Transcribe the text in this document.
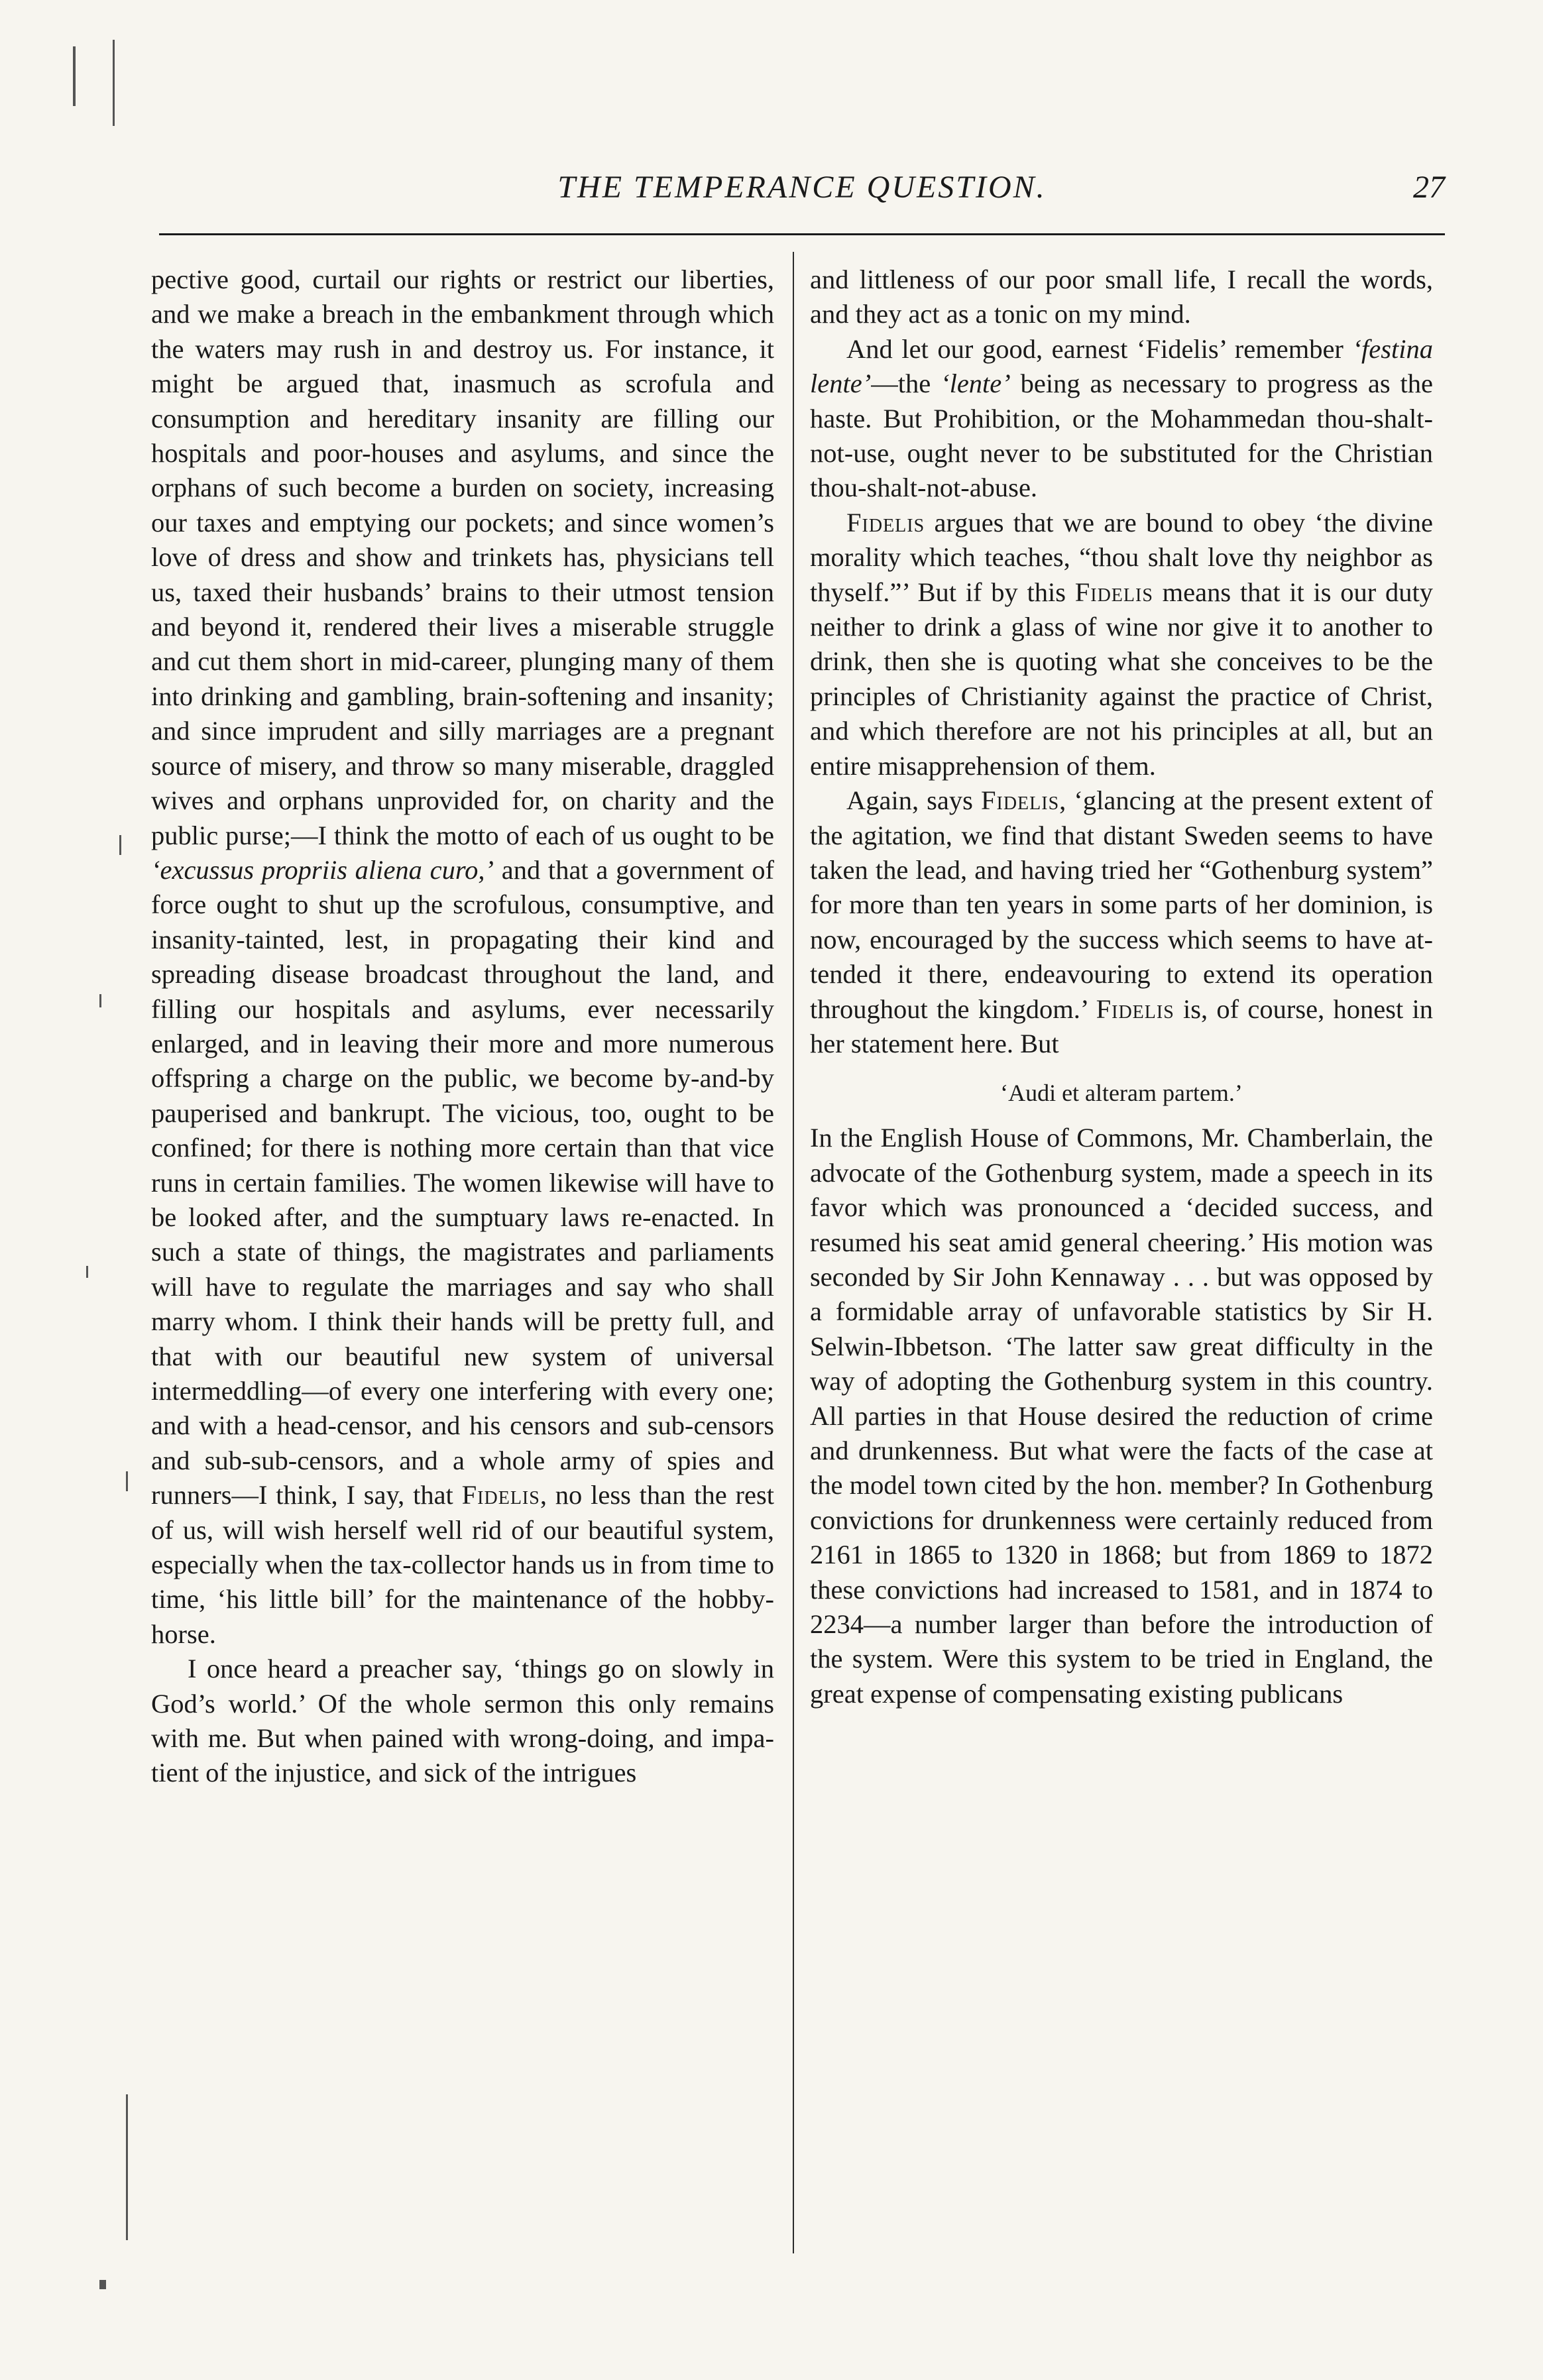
THE TEMPERANCE QUESTION.	27

pective good, curtail our rights or restrict our liberties, and we make a breach in the embankment through which the waters may rush in and destroy us. For instance, it might be argued that, inasmuch as scrofula and consumption and hereditary insanity are filling our hospitals and poor-houses and asylums, and since the orphans of such become a burden on society, increasing our taxes and emptying our pockets; and since women’s love of dress and show and trinkets has, physicians tell us, taxed their husbands’ brains to their utmost tension and beyond it, rendered their lives a miserable struggle and cut them short in mid-career, plunging many of them into drinking and gambling, brain-softening and insanity; and since imprudent and silly marriages are a pregnant source of misery, and throw so many miserable, draggled wives and orphans unprovided for, on charity and the public purse;—I think the motto of each of us ought to be ‘excussus propriis aliena curo,’ and that a government of force ought to shut up the scrofulous, consumptive, and insanity-tainted, lest, in propagating their kind and spreading disease broadcast throughout the land, and filling our hospitals and asylums, ever necessarily enlarged, and in leaving their more and more numerous offspring a charge on the public, we become by-and-by pauperised and bankrupt. The vicious, too, ought to be confined; for there is nothing more certain than that vice runs in certain families. The women likewise will have to be looked after, and the sumptuary laws re-enacted. In such a state of things, the magistrates and parliaments will have to regulate the marriages and say who shall marry whom. I think their hands will be pretty full, and that with our beautiful new system of universal intermeddling—of every one interfering with every one; and with a head-censor, and his censors and sub-censors and sub-sub-censors, and a whole army of spies and runners—I think, I say, that Fidelis, no less than the rest of us, will wish herself well rid of our beautiful system, especially when the tax-collector hands us in from time to time, ‘his little bill’ for the maintenance of the hobby-horse.

I once heard a preacher say, ‘things go on slowly in God’s world.’ Of the whole sermon this only remains with me. But when pained with wrong-doing, and impatient of the injustice, and sick of the intrigues

and littleness of our poor small life, I recall the words, and they act as a tonic on my mind.

And let our good, earnest ‘Fidelis’ remember ‘festina lente’—the ‘lente’ being as necessary to progress as the haste. But Prohibition, or the Mohammedan thou-shalt-not-use, ought never to be substituted for the Christian thou-shalt-not-abuse.

Fidelis argues that we are bound to obey ‘the divine morality which teaches, “thou shalt love thy neighbor as thyself.”’ But if by this Fidelis means that it is our duty neither to drink a glass of wine nor give it to another to drink, then she is quoting what she conceives to be the principles of Christianity against the practice of Christ, and which therefore are not his principles at all, but an entire misapprehension of them.

Again, says Fidelis, ‘glancing at the present extent of the agitation, we find that distant Sweden seems to have taken the lead, and having tried her “Gothenburg system” for more than ten years in some parts of her dominion, is now, encouraged by the success which seems to have attended it there, endeavouring to extend its operation throughout the kingdom.’ Fidelis is, of course, honest in her statement here. But

‘Audi et alteram partem.’

In the English House of Commons, Mr. Chamberlain, the advocate of the Gothenburg system, made a speech in its favor which was pronounced a ‘decided success, and resumed his seat amid general cheering.’ His motion was seconded by Sir John Kennaway . . . but was opposed by a formidable array of unfavorable statistics by Sir H. Selwin-Ibbetson. ‘The latter saw great difficulty in the way of adopting the Gothenburg system in this country. All parties in that House desired the reduction of crime and drunkenness. But what were the facts of the case at the model town cited by the hon. member? In Gothenburg convictions for drunkenness were certainly reduced from 2161 in 1865 to 1320 in 1868; but from 1869 to 1872 these convictions had increased to 1581, and in 1874 to 2234—a number larger than before the introduction of the system. Were this system to be tried in England, the great expense of compensating existing publicans
